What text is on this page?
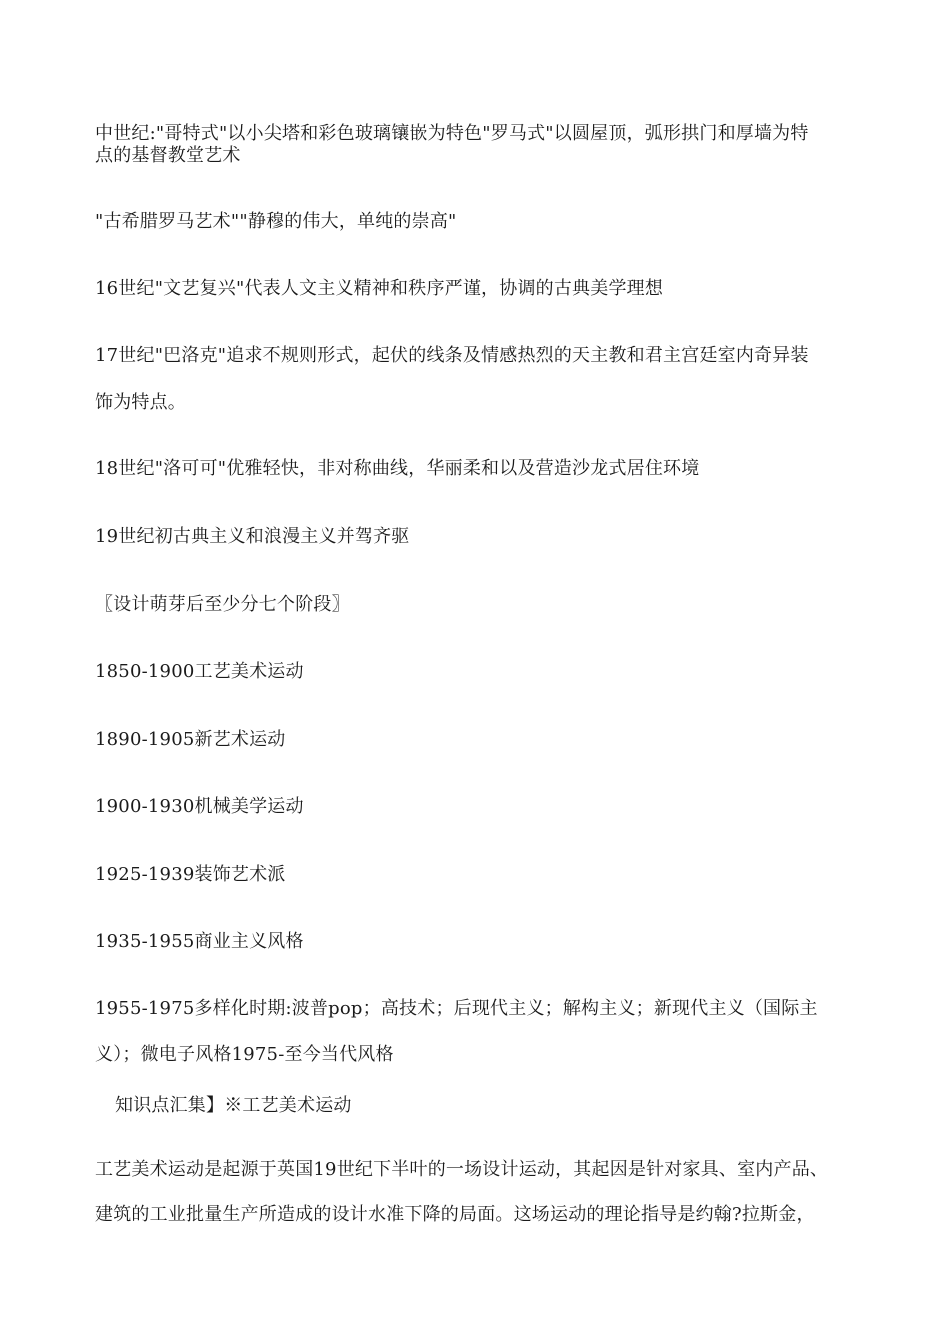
中世纪:"哥特式"以小尖塔和彩色玻璃镶嵌为特色"罗马式"以圆屋顶，弧形拱门和厚墙为特
点的基督教堂艺术
"古希腊罗马艺术""静穆的伟大，单纯的崇高"
16世纪"文艺复兴"代表人文主义精神和秩序严谨，协调的古典美学理想
17世纪"巴洛克"追求不规则形式，起伏的线条及情感热烈的天主教和君主宫廷室内奇异装
饰为特点。
18世纪"洛可可"优雅轻快，非对称曲线，华丽柔和以及营造沙龙式居住环境
19世纪初古典主义和浪漫主义并驾齐驱
〖设计萌芽后至少分七个阶段〗
1850-1900工艺美术运动
1890-1905新艺术运动
1900-1930机械美学运动
1925-1939装饰艺术派
1935-1955商业主义风格
1955-1975多样化时期:波普pop；高技术；后现代主义；解构主义；新现代主义（国际主
义）；微电子风格1975-至今当代风格
知识点汇集】※工艺美术运动
工艺美术运动是起源于英国19世纪下半叶的一场设计运动，其起因是针对家具、室内产品、
建筑的工业批量生产所造成的设计水准下降的局面。这场运动的理论指导是约翰?拉斯金，
